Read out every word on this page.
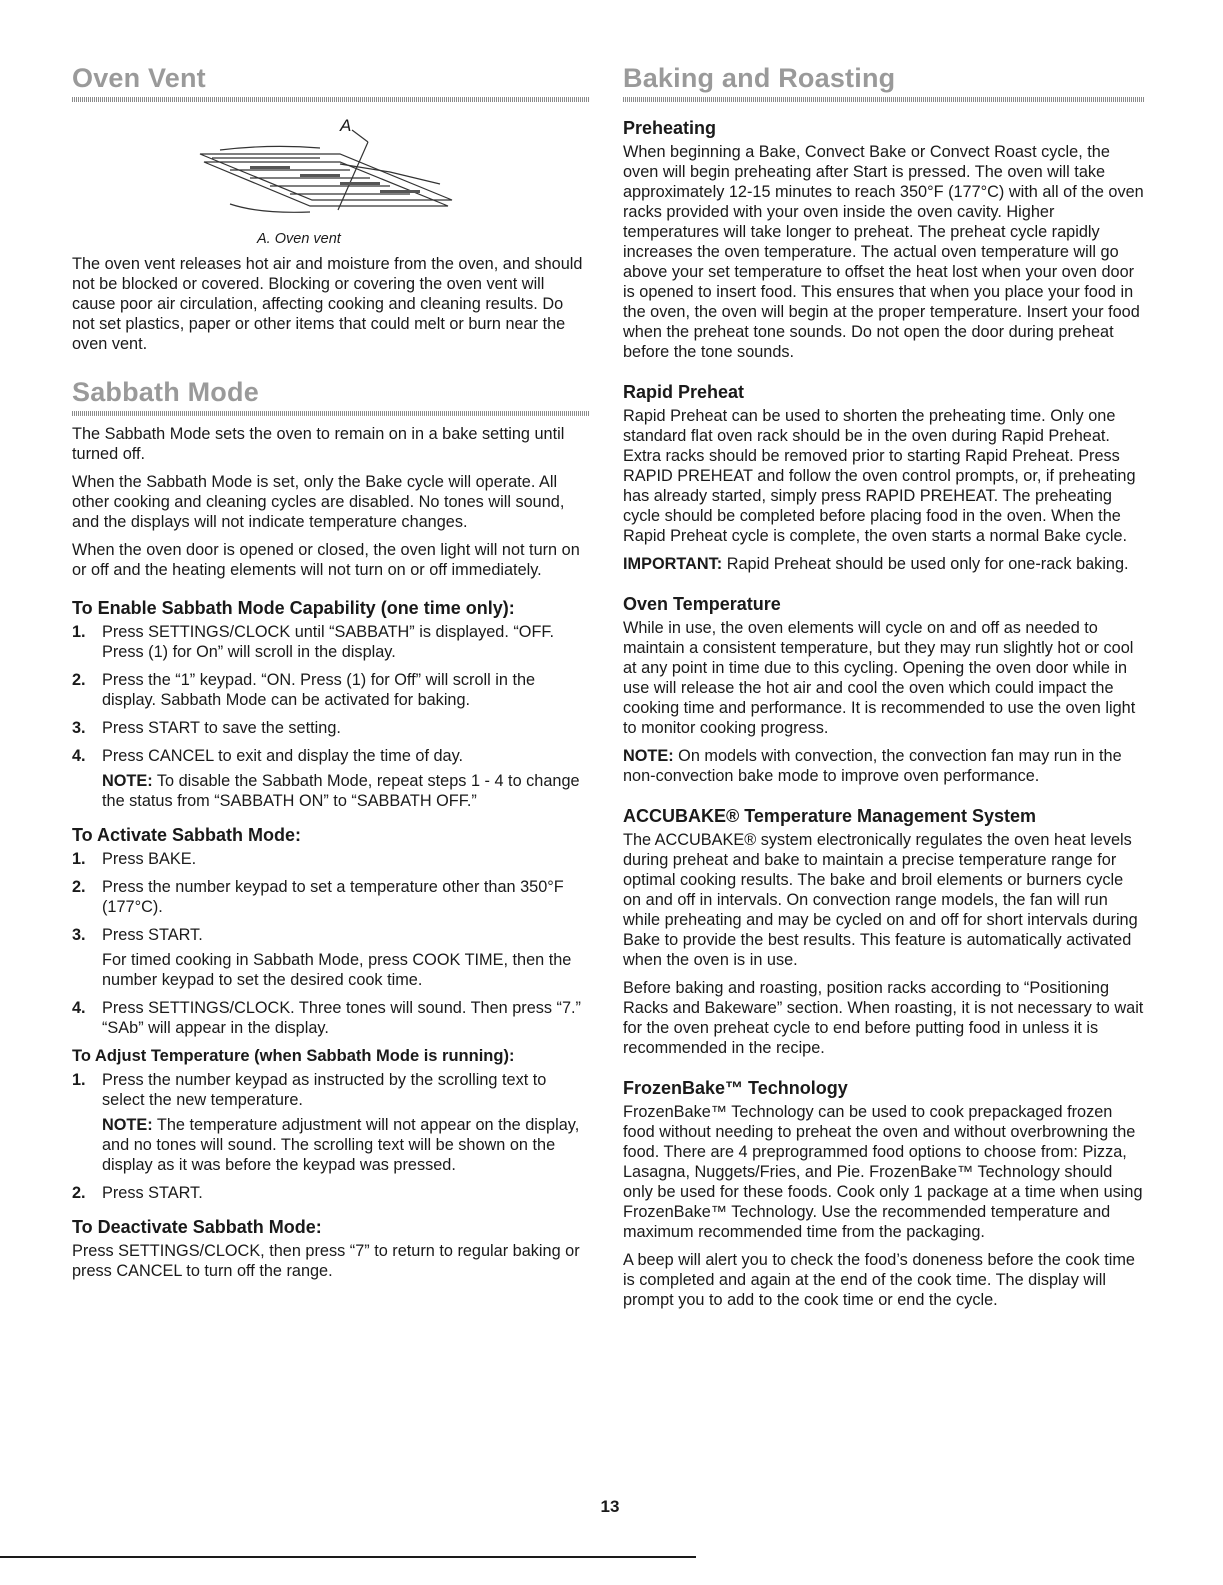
Oven Vent
A
A. Oven vent

The oven vent releases hot air and moisture from the oven, and should not be blocked or covered. Blocking or covering the oven vent will cause poor air circulation, affecting cooking and cleaning results. Do not set plastics, paper or other items that could melt or burn near the oven vent.

Sabbath Mode

The Sabbath Mode sets the oven to remain on in a bake setting until turned off.

When the Sabbath Mode is set, only the Bake cycle will operate. All other cooking and cleaning cycles are disabled. No tones will sound, and the displays will not indicate temperature changes.

When the oven door is opened or closed, the oven light will not turn on or off and the heating elements will not turn on or off immediately.

To Enable Sabbath Mode Capability (one time only):
1. Press SETTINGS/CLOCK until “SABBATH” is displayed. “OFF. Press (1) for On” will scroll in the display.
2. Press the “1” keypad. “ON. Press (1) for Off” will scroll in the display. Sabbath Mode can be activated for baking.
3. Press START to save the setting.
4. Press CANCEL to exit and display the time of day.
NOTE: To disable the Sabbath Mode, repeat steps 1 - 4 to change the status from “SABBATH ON” to “SABBATH OFF.”
To Activate Sabbath Mode:
1. Press BAKE.
2. Press the number keypad to set a temperature other than 350°F (177°C).
3. Press START.
For timed cooking in Sabbath Mode, press COOK TIME, then the number keypad to set the desired cook time.
4. Press SETTINGS/CLOCK. Three tones will sound. Then press “7.” “SAb” will appear in the display.
To Adjust Temperature (when Sabbath Mode is running):
1. Press the number keypad as instructed by the scrolling text to select the new temperature.
NOTE: The temperature adjustment will not appear on the display, and no tones will sound. The scrolling text will be shown on the display as it was before the keypad was pressed.
2. Press START.
To Deactivate Sabbath Mode:

Press SETTINGS/CLOCK, then press “7” to return to regular baking or press CANCEL to turn off the range.

Baking and Roasting
Preheating

When beginning a Bake, Convect Bake or Convect Roast cycle, the oven will begin preheating after Start is pressed. The oven will take approximately 12-15 minutes to reach 350°F (177°C) with all of the oven racks provided with your oven inside the oven cavity. Higher temperatures will take longer to preheat. The preheat cycle rapidly increases the oven temperature. The actual oven temperature will go above your set temperature to offset the heat lost when your oven door is opened to insert food. This ensures that when you place your food in the oven, the oven will begin at the proper temperature. Insert your food when the preheat tone sounds. Do not open the door during preheat before the tone sounds.

Rapid Preheat

Rapid Preheat can be used to shorten the preheating time. Only one standard flat oven rack should be in the oven during Rapid Preheat. Extra racks should be removed prior to starting Rapid Preheat. Press RAPID PREHEAT and follow the oven control prompts, or, if preheating has already started, simply press RAPID PREHEAT. The preheating cycle should be completed before placing food in the oven. When the Rapid Preheat cycle is complete, the oven starts a normal Bake cycle.

IMPORTANT: Rapid Preheat should be used only for one-rack baking.

Oven Temperature

While in use, the oven elements will cycle on and off as needed to maintain a consistent temperature, but they may run slightly hot or cool at any point in time due to this cycling. Opening the oven door while in use will release the hot air and cool the oven which could impact the cooking time and performance. It is recommended to use the oven light to monitor cooking progress.

NOTE: On models with convection, the convection fan may run in the non-convection bake mode to improve oven performance.

ACCUBAKE® Temperature Management System

The ACCUBAKE® system electronically regulates the oven heat levels during preheat and bake to maintain a precise temperature range for optimal cooking results. The bake and broil elements or burners cycle on and off in intervals. On convection range models, the fan will run while preheating and may be cycled on and off for short intervals during Bake to provide the best results. This feature is automatically activated when the oven is in use.

Before baking and roasting, position racks according to “Positioning Racks and Bakeware” section. When roasting, it is not necessary to wait for the oven preheat cycle to end before putting food in unless it is recommended in the recipe.

FrozenBake™ Technology

FrozenBake™ Technology can be used to cook prepackaged frozen food without needing to preheat the oven and without overbrowning the food. There are 4 preprogrammed food options to choose from: Pizza, Lasagna, Nuggets/Fries, and Pie. FrozenBake™ Technology should only be used for these foods. Cook only 1 package at a time when using FrozenBake™ Technology. Use the recommended temperature and maximum recommended time from the packaging.

A beep will alert you to check the food’s doneness before the cook time is completed and again at the end of the cook time. The display will prompt you to add to the cook time or end the cycle.

13
